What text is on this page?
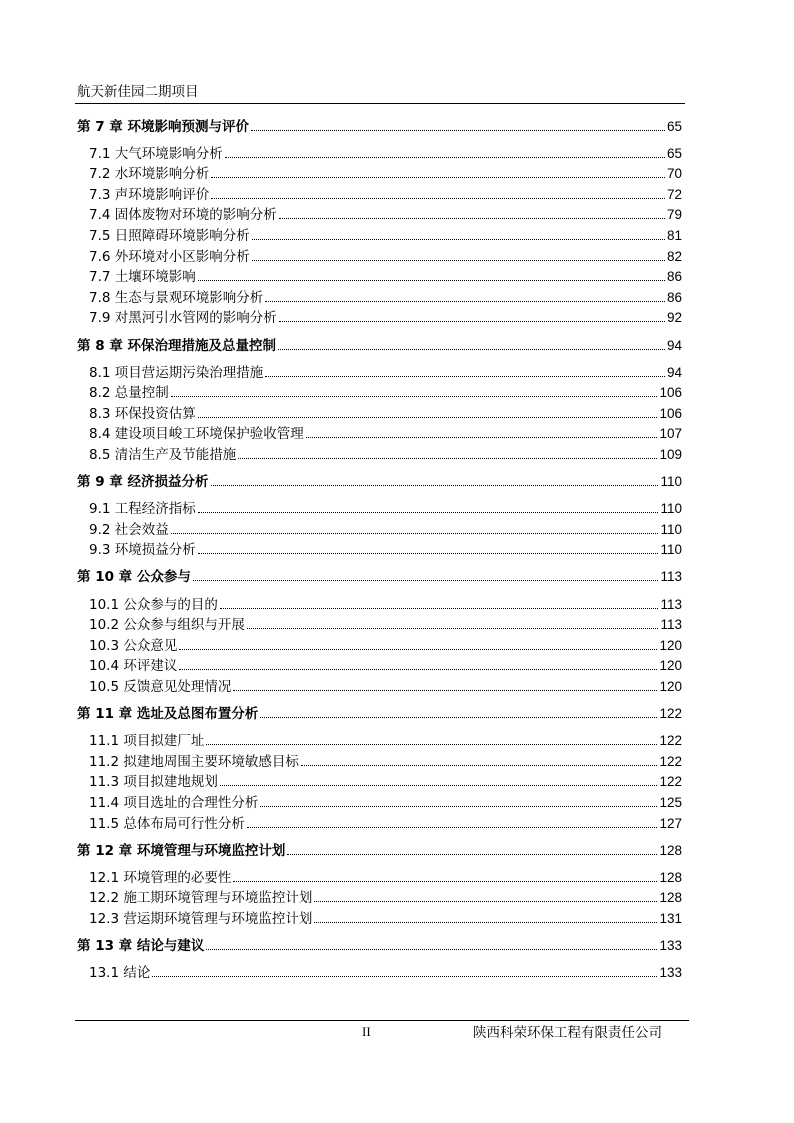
航天新佳园二期项目
第 7 章 环境影响预测与评价	65
7.1 大气环境影响分析	65
7.2 水环境影响分析	70
7.3 声环境影响评价	72
7.4 固体废物对环境的影响分析	79
7.5 日照障碍环境影响分析	81
7.6 外环境对小区影响分析	82
7.7 土壤环境影响	86
7.8 生态与景观环境影响分析	86
7.9 对黑河引水管网的影响分析	92
第 8 章 环保治理措施及总量控制	94
8.1 项目营运期污染治理措施	94
8.2 总量控制	106
8.3 环保投资估算	106
8.4 建设项目峻工环境保护验收管理	107
8.5 清洁生产及节能措施	109
第 9 章 经济损益分析	110
9.1 工程经济指标	110
9.2 社会效益	110
9.3 环境损益分析	110
第 10 章 公众参与	113
10.1 公众参与的目的	113
10.2 公众参与组织与开展	113
10.3 公众意见	120
10.4 环评建议	120
10.5 反馈意见处理情况	120
第 11 章 选址及总图布置分析	122
11.1 项目拟建厂址	122
11.2 拟建地周围主要环境敏感目标	122
11.3 项目拟建地规划	122
11.4 项目选址的合理性分析	125
11.5 总体布局可行性分析	127
第 12 章 环境管理与环境监控计划	128
12.1 环境管理的必要性	128
12.2 施工期环境管理与环境监控计划	128
12.3 营运期环境管理与环境监控计划	131
第 13 章 结论与建议	133
13.1 结论	133
II	陕西科荣环保工程有限责任公司
